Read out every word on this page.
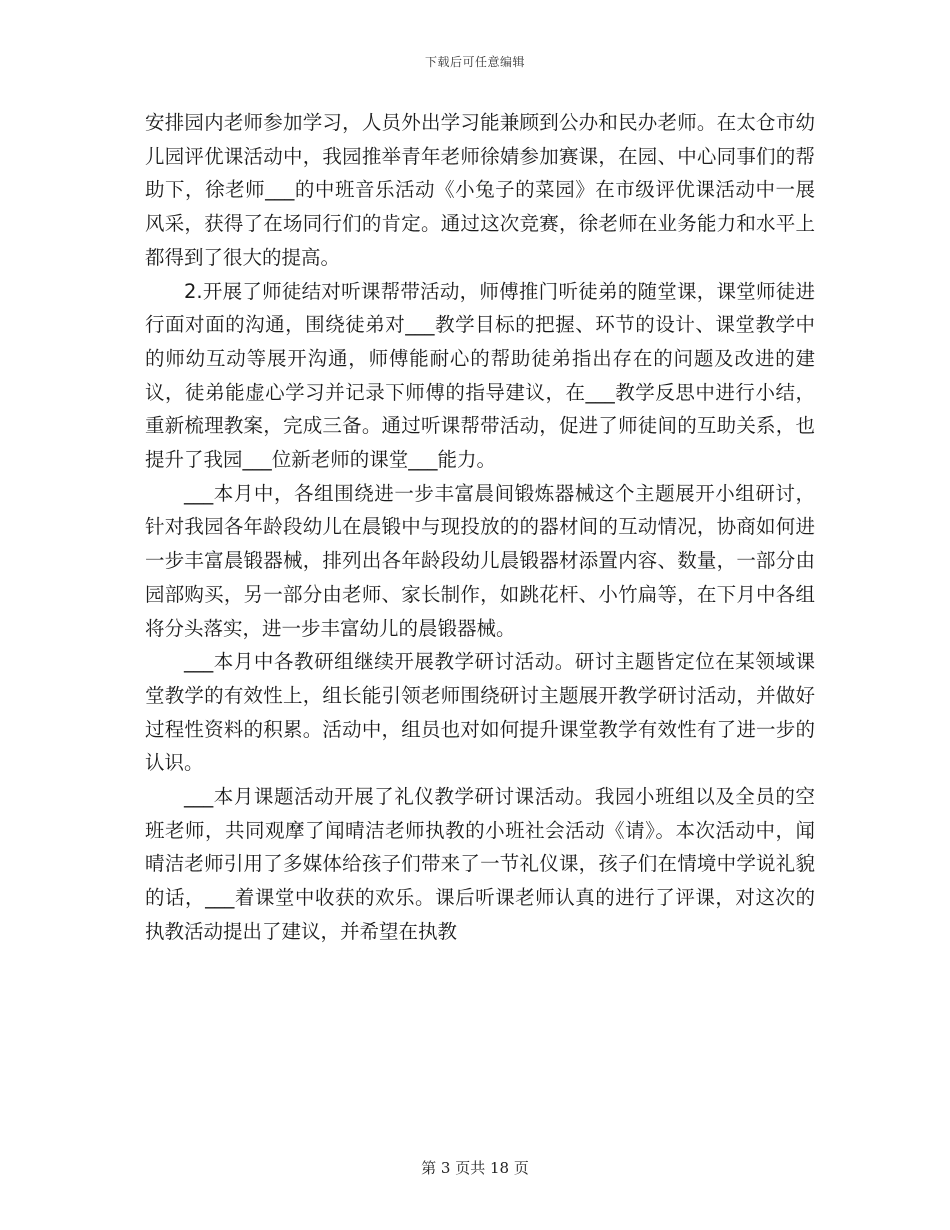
下载后可任意编辑

安排园内老师参加学习，人员外出学习能兼顾到公办和民办老师。在太仓市幼儿园评优课活动中，我园推举青年老师徐婧参加赛课，在园、中心同事们的帮助下，徐老师___的中班音乐活动《小兔子的菜园》在市级评优课活动中一展风采，获得了在场同行们的肯定。通过这次竞赛，徐老师在业务能力和水平上都得到了很大的提高。

2.开展了师徒结对听课帮带活动，师傅推门听徒弟的随堂课，课堂师徒进行面对面的沟通，围绕徒弟对___教学目标的把握、环节的设计、课堂教学中的师幼互动等展开沟通，师傅能耐心的帮助徒弟指出存在的问题及改进的建议，徒弟能虚心学习并记录下师傅的指导建议，在___教学反思中进行小结，重新梳理教案，完成三备。通过听课帮带活动，促进了师徒间的互助关系，也提升了我园___位新老师的课堂___能力。

___本月中，各组围绕进一步丰富晨间锻炼器械这个主题展开小组研讨，针对我园各年龄段幼儿在晨锻中与现投放的的器材间的互动情况，协商如何进一步丰富晨锻器械，排列出各年龄段幼儿晨锻器材添置内容、数量，一部分由园部购买，另一部分由老师、家长制作，如跳花杆、小竹扁等，在下月中各组将分头落实，进一步丰富幼儿的晨锻器械。

___本月中各教研组继续开展教学研讨活动。研讨主题皆定位在某领域课堂教学的有效性上，组长能引领老师围绕研讨主题展开教学研讨活动，并做好过程性资料的积累。活动中，组员也对如何提升课堂教学有效性有了进一步的认识。

___本月课题活动开展了礼仪教学研讨课活动。我园小班组以及全员的空班老师，共同观摩了闻晴洁老师执教的小班社会活动《请》。本次活动中，闻晴洁老师引用了多媒体给孩子们带来了一节礼仪课，孩子们在情境中学说礼貌的话，___着课堂中收获的欢乐。课后听课老师认真的进行了评课，对这次的执教活动提出了建议，并希望在执教

第 3 页共 18 页
